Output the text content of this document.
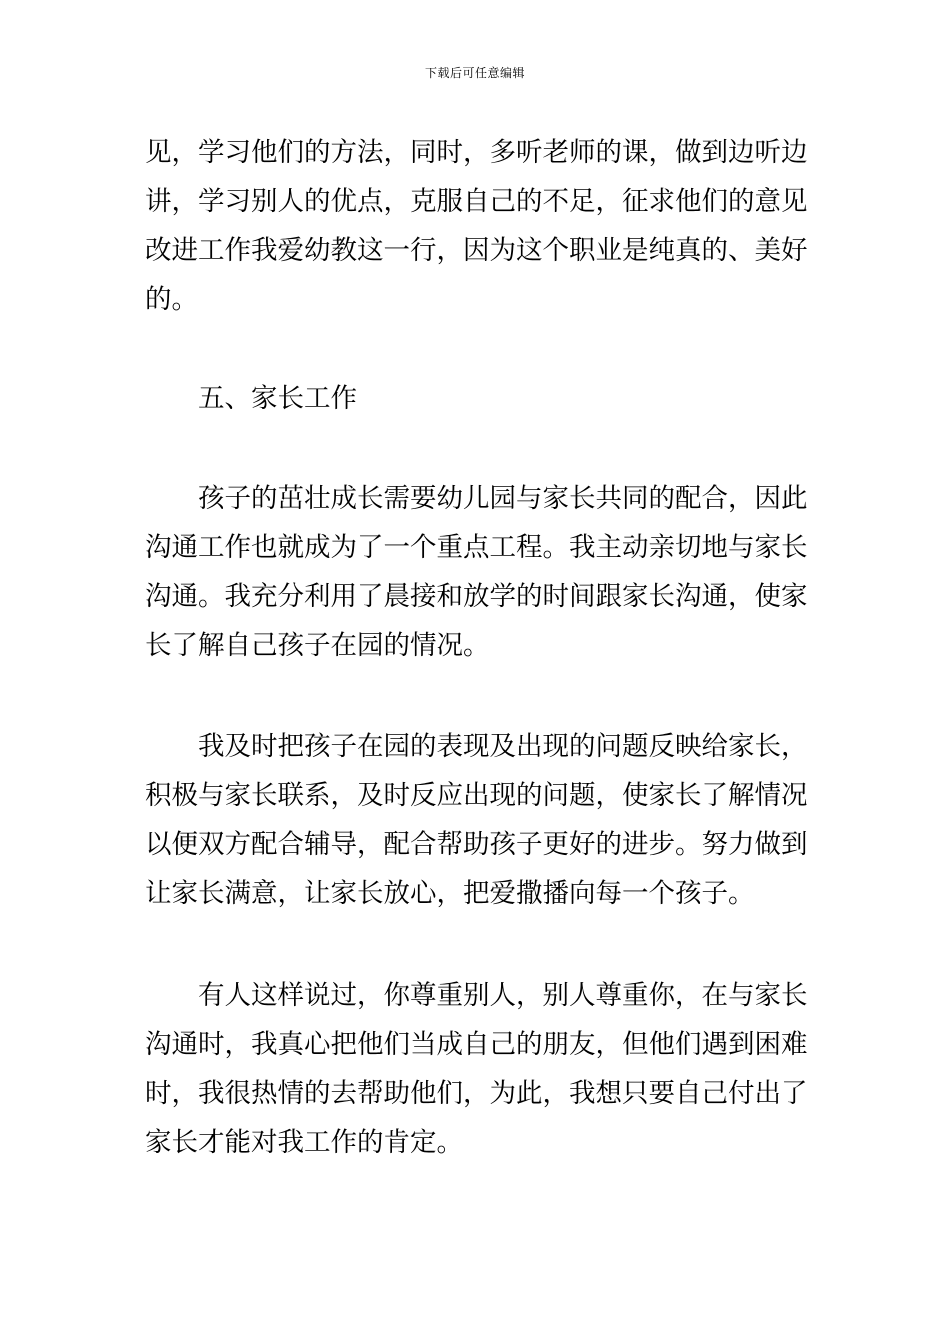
下载后可任意编辑
见，学习他们的方法，同时，多听老师的课，做到边听边
讲，学习别人的优点，克服自己的不足，征求他们的意见
改进工作我爱幼教这一行，因为这个职业是纯真的、美好
的。
五、家长工作
孩子的茁壮成长需要幼儿园与家长共同的配合，因此
沟通工作也就成为了一个重点工程。我主动亲切地与家长
沟通。我充分利用了晨接和放学的时间跟家长沟通，使家
长了解自己孩子在园的情况。
我及时把孩子在园的表现及出现的问题反映给家长，
积极与家长联系，及时反应出现的问题，使家长了解情况
以便双方配合辅导，配合帮助孩子更好的进步。努力做到
让家长满意，让家长放心，把爱撒播向每一个孩子。
有人这样说过，你尊重别人，别人尊重你，在与家长
沟通时，我真心把他们当成自己的朋友，但他们遇到困难
时，我很热情的去帮助他们，为此，我想只要自己付出了
家长才能对我工作的肯定。
